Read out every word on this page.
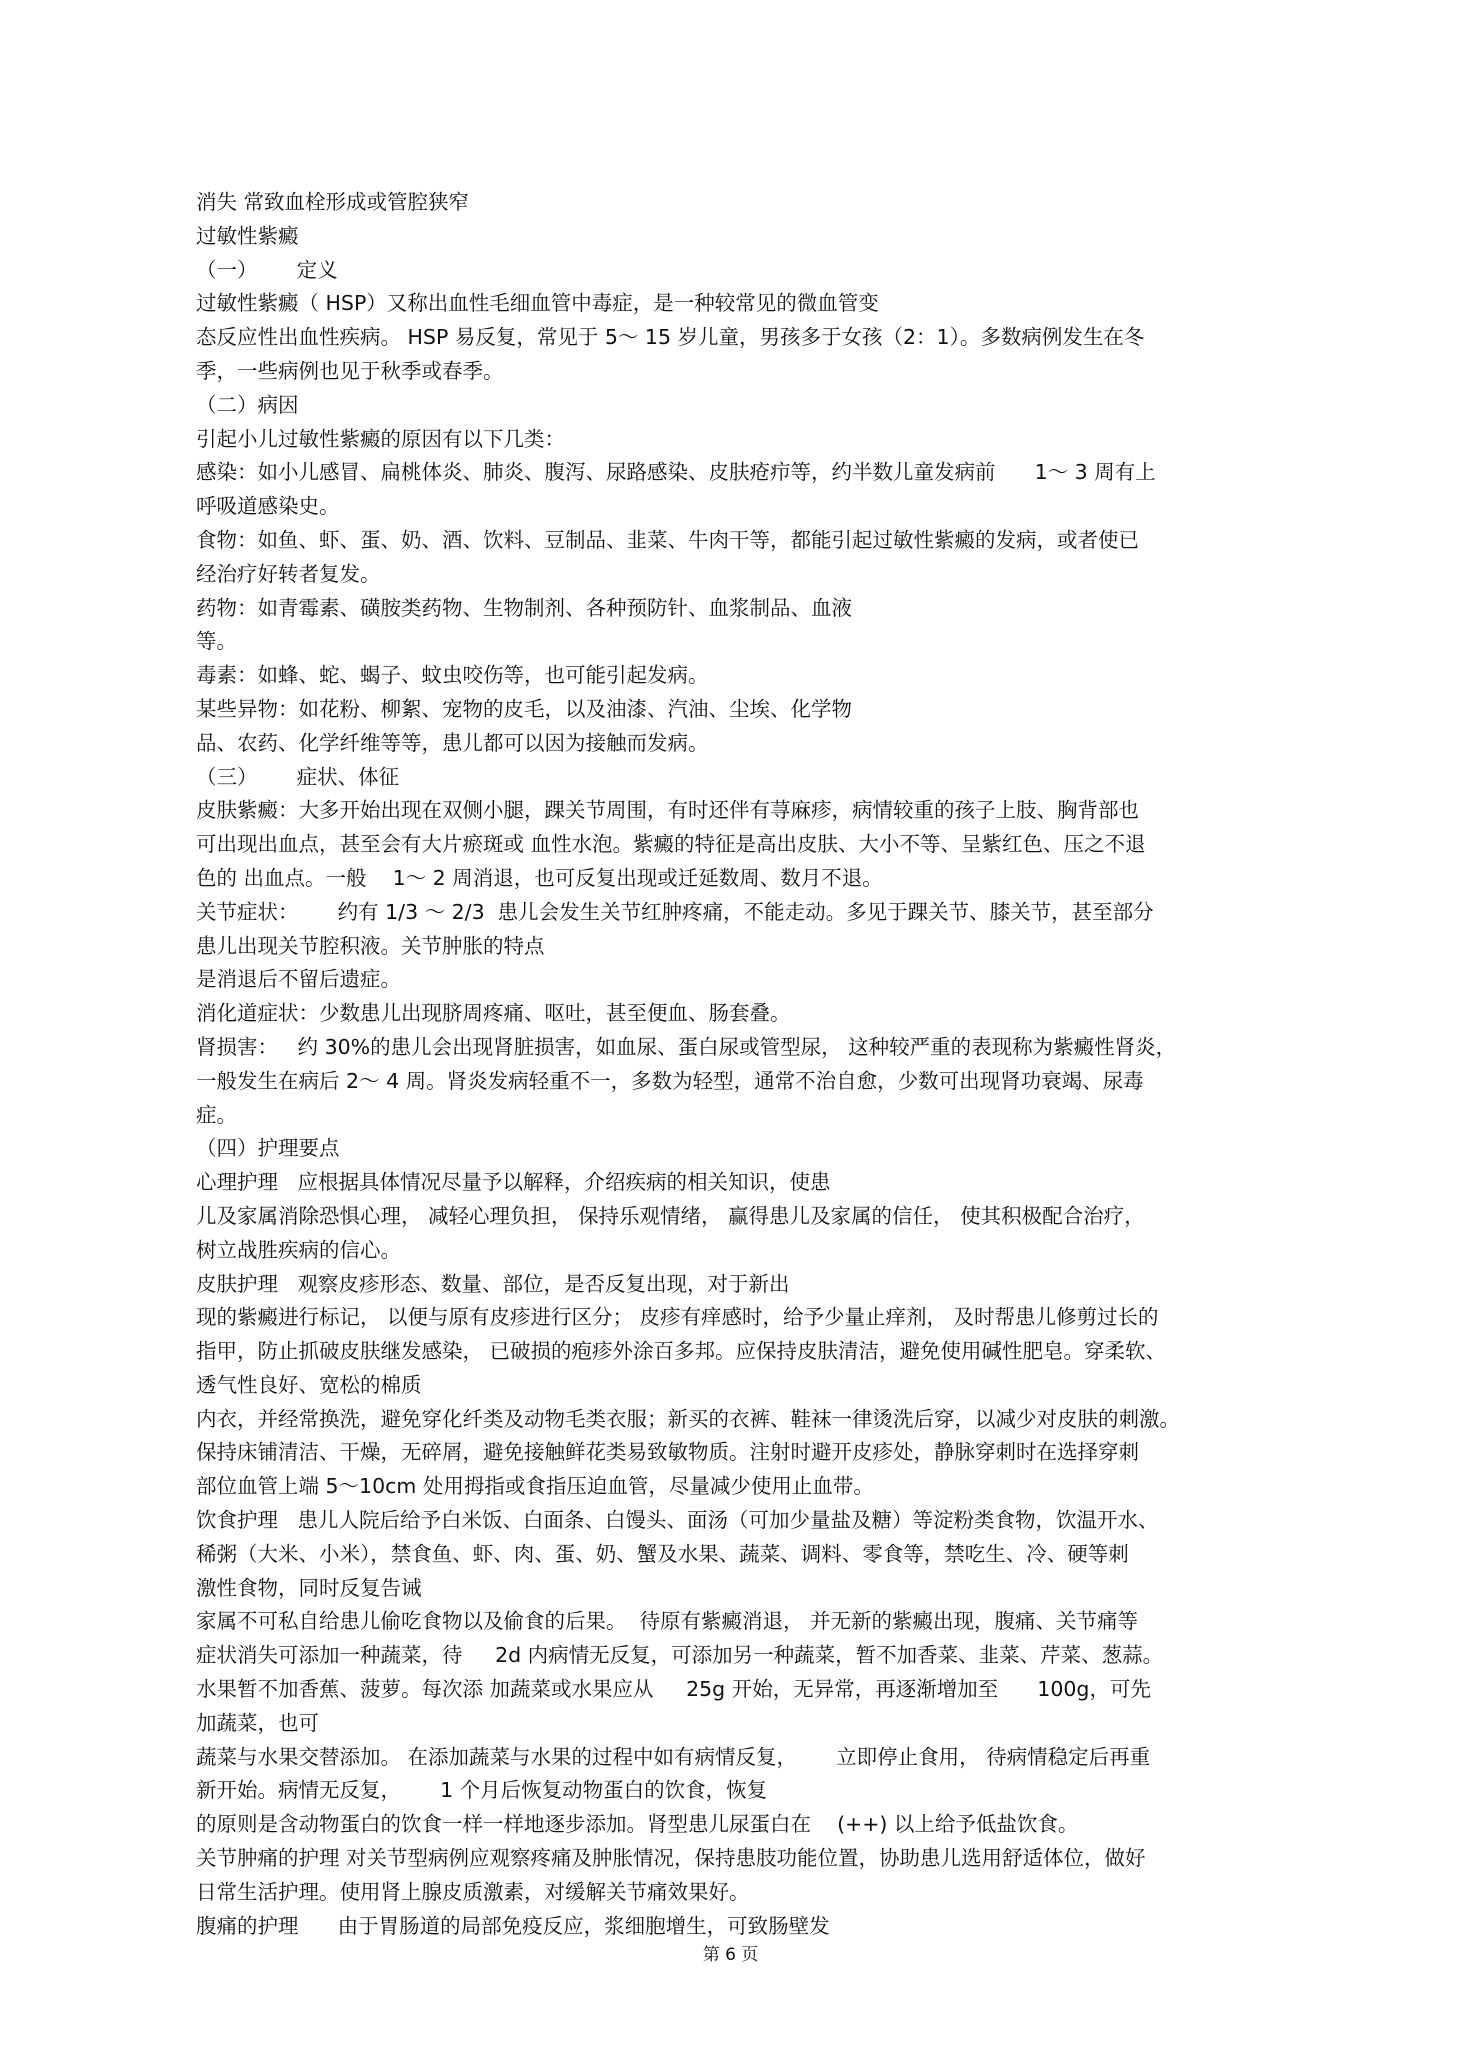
消失 常致血栓形成或管腔狭窄
过敏性紫癜
（一）      定义
过敏性紫癜（ HSP）又称出血性毛细血管中毒症，是一种较常见的微血管变
态反应性出血性疾病。 HSP 易反复，常见于 5～ 15 岁儿童，男孩多于女孩（2：1）。多数病例发生在冬
季，一些病例也见于秋季或春季。
（二）病因
引起小儿过敏性紫癜的原因有以下几类：
感染：如小儿感冒、扁桃体炎、肺炎、腹泻、尿路感染、皮肤疮疖等，约半数儿童发病前      1～ 3 周有上
呼吸道感染史。
食物：如鱼、虾、蛋、奶、酒、饮料、豆制品、韭菜、牛肉干等，都能引起过敏性紫癜的发病，或者使已
经治疗好转者复发。
药物：如青霉素、磺胺类药物、生物制剂、各种预防针、血浆制品、血液
等。
毒素：如蜂、蛇、蝎子、蚊虫咬伤等，也可能引起发病。
某些异物：如花粉、柳絮、宠物的皮毛，以及油漆、汽油、尘埃、化学物
品、农药、化学纤维等等，患儿都可以因为接触而发病。
（三）      症状、体征
皮肤紫癜：大多开始出现在双侧小腿，踝关节周围，有时还伴有荨麻疹，病情较重的孩子上肢、胸背部也
可出现出血点，甚至会有大片瘀斑或 血性水泡。紫癜的特征是高出皮肤、大小不等、呈紫红色、压之不退
色的 出血点。一般    1～ 2 周消退，也可反复出现或迁延数周、数月不退。
关节症状：      约有 1/3 ～ 2/3  患儿会发生关节红肿疼痛，不能走动。多见于踝关节、膝关节，甚至部分
患儿出现关节腔积液。关节肿胀的特点
是消退后不留后遗症。
消化道症状：少数患儿出现脐周疼痛、呕吐，甚至便血、肠套叠。
肾损害：   约 30%的患儿会出现肾脏损害，如血尿、蛋白尿或管型尿， 这种较严重的表现称为紫癜性肾炎，
一般发生在病后 2～ 4 周。肾炎发病轻重不一，多数为轻型，通常不治自愈，少数可出现肾功衰竭、尿毒
症。
（四）护理要点
心理护理   应根据具体情况尽量予以解释，介绍疾病的相关知识，使患
儿及家属消除恐惧心理， 减轻心理负担， 保持乐观情绪， 赢得患儿及家属的信任， 使其积极配合治疗，
树立战胜疾病的信心。
皮肤护理   观察皮疹形态、数量、部位，是否反复出现，对于新出
现的紫癜进行标记， 以便与原有皮疹进行区分； 皮疹有痒感时，给予少量止痒剂， 及时帮患儿修剪过长的
指甲，防止抓破皮肤继发感染， 已破损的疱疹外涂百多邦。应保持皮肤清洁，避免使用碱性肥皂。穿柔软、
透气性良好、宽松的棉质
内衣，并经常换洗，避免穿化纤类及动物毛类衣服；新买的衣裤、鞋袜一律烫洗后穿，以减少对皮肤的刺激。
保持床铺清洁、干燥，无碎屑，避免接触鲜花类易致敏物质。注射时避开皮疹处，静脉穿刺时在选择穿刺
部位血管上端 5～10cm 处用拇指或食指压迫血管，尽量减少使用止血带。
饮食护理   患儿人院后给予白米饭、白面条、白馒头、面汤（可加少量盐及糖）等淀粉类食物，饮温开水、
稀粥（大米、小米），禁食鱼、虾、肉、蛋、奶、蟹及水果、蔬菜、调料、零食等，禁吃生、冷、硬等刺
激性食物，同时反复告诫
家属不可私自给患儿偷吃食物以及偷食的后果。  待原有紫癜消退， 并无新的紫癜出现，腹痛、关节痛等
症状消失可添加一种蔬菜，待     2d 内病情无反复，可添加另一种蔬菜，暂不加香菜、韭菜、芹菜、葱蒜。
水果暂不加香蕉、菠萝。每次添 加蔬菜或水果应从     25g 开始，无异常，再逐渐增加至      100g，可先
加蔬菜，也可
蔬菜与水果交替添加。 在添加蔬菜与水果的过程中如有病情反复，      立即停止食用， 待病情稳定后再重
新开始。病情无反复，      1 个月后恢复动物蛋白的饮食，恢复
的原则是含动物蛋白的饮食一样一样地逐步添加。肾型患儿尿蛋白在    (++) 以上给予低盐饮食。
关节肿痛的护理 对关节型病例应观察疼痛及肿胀情况，保持患肢功能位置，协助患儿选用舒适体位，做好
日常生活护理。使用肾上腺皮质激素，对缓解关节痛效果好。
腹痛的护理      由于胃肠道的局部免疫反应，浆细胞增生，可致肠壁发
第 6 页
